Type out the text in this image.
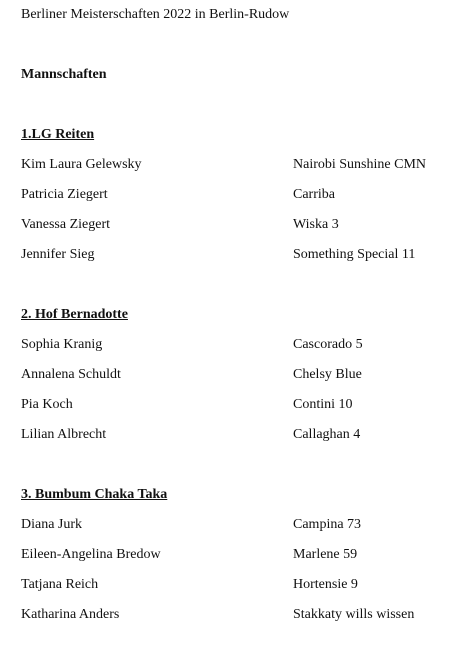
Berliner Meisterschaften 2022 in Berlin-Rudow
Mannschaften
1.LG Reiten
Kim Laura Gelewsky	Nairobi Sunshine CMN
Patricia Ziegert	Carriba
Vanessa Ziegert	Wiska 3
Jennifer Sieg	Something Special 11
2. Hof Bernadotte
Sophia Kranig	Cascorado 5
Annalena Schuldt	Chelsy Blue
Pia Koch	Contini 10
Lilian Albrecht	Callaghan 4
3. Bumbum Chaka Taka
Diana Jurk	Campina 73
Eileen-Angelina Bredow	Marlene 59
Tatjana Reich	Hortensie 9
Katharina Anders	Stakkaty wills wissen
